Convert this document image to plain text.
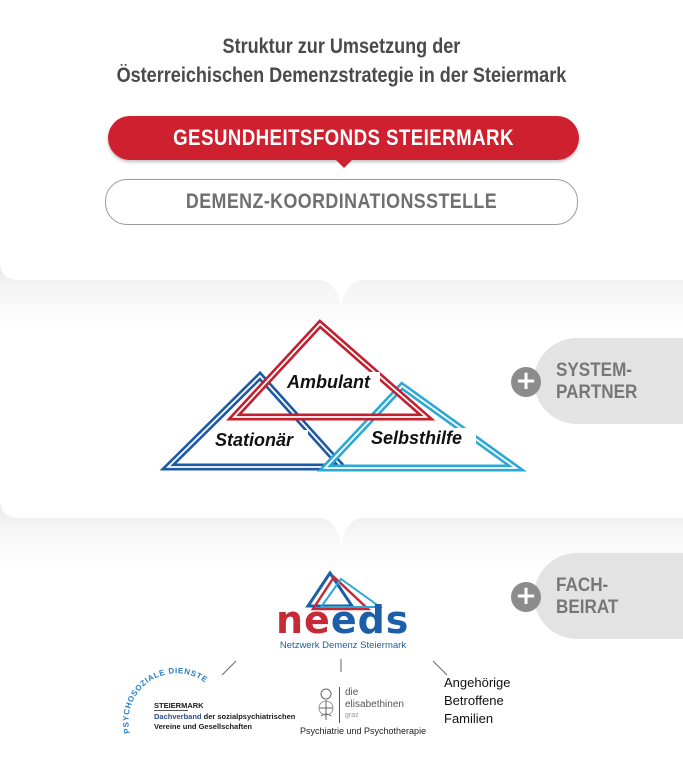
Struktur zur Umsetzung der
Österreichischen Demenzstrategie in der Steiermark
GESUNDHEITSFONDS STEIERMARK
DEMENZ-KOORDINATIONSSTELLE
Ambulant
Stationär	Selbsthilfe
+ SYSTEM-
PARTNER
+ FACH-
BEIRAT
needs
Netzwerk Demenz Steiermark
PSYCHOSOZIALE DIENSTE
STEIERMARK
Dachverband der sozialpsychiatrischen
Vereine und Gesellschaften
die
elisabethinen
graz
Psychiatrie und Psychotherapie
Angehörige
Betroffene
Familien
